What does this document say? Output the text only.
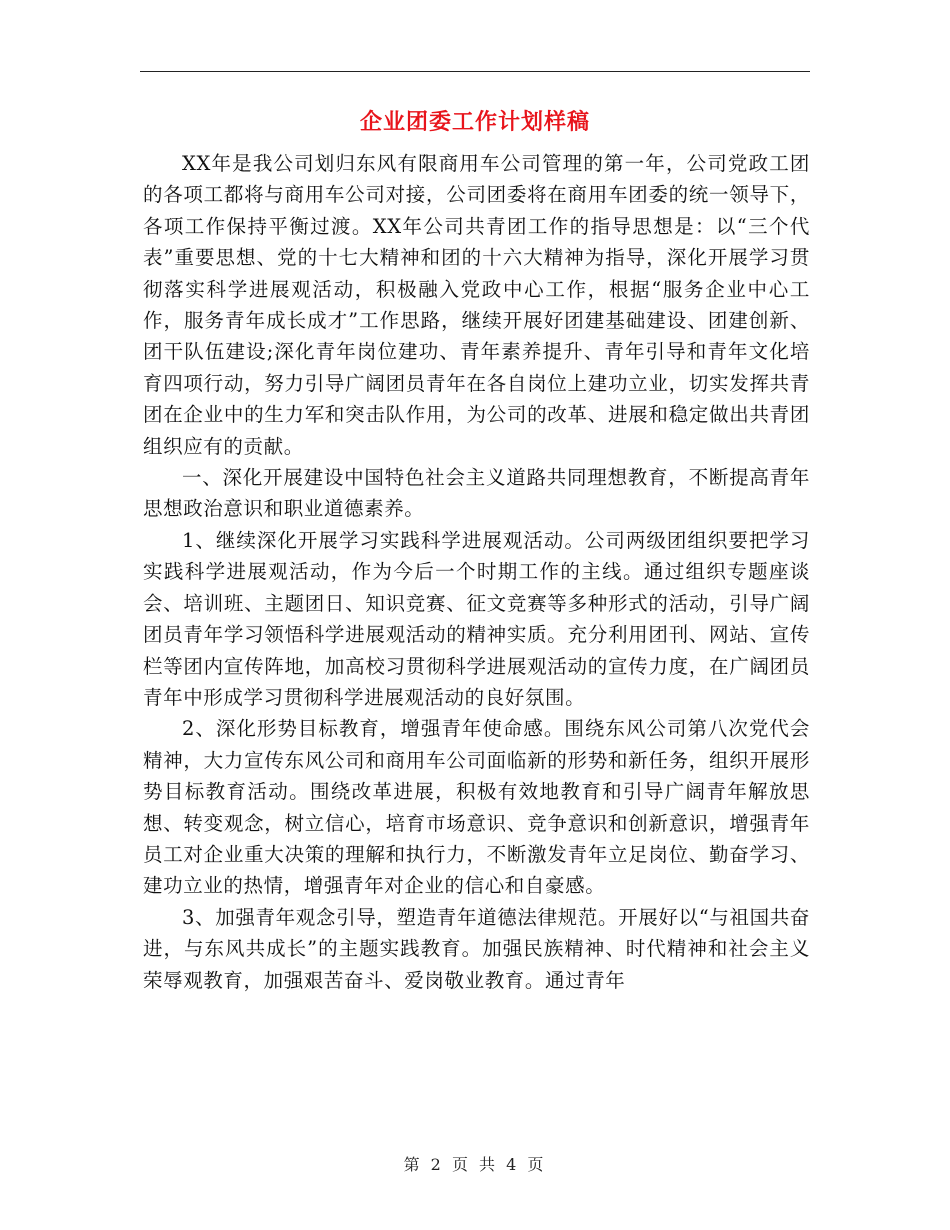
企业团委工作计划样稿

XX年是我公司划归东风有限商用车公司管理的第一年，公司党政工团的各项工都将与商用车公司对接，公司团委将在商用车团委的统一领导下，各项工作保持平衡过渡。XX年公司共青团工作的指导思想是：以“三个代表”重要思想、党的十七大精神和团的十六大精神为指导，深化开展学习贯彻落实科学进展观活动，积极融入党政中心工作，根据“服务企业中心工作，服务青年成长成才”工作思路，继续开展好团建基础建设、团建创新、团干队伍建设;深化青年岗位建功、青年素养提升、青年引导和青年文化培育四项行动，努力引导广阔团员青年在各自岗位上建功立业，切实发挥共青团在企业中的生力军和突击队作用，为公司的改革、进展和稳定做出共青团组织应有的贡献。

一、深化开展建设中国特色社会主义道路共同理想教育，不断提高青年思想政治意识和职业道德素养。

1、继续深化开展学习实践科学进展观活动。公司两级团组织要把学习实践科学进展观活动，作为今后一个时期工作的主线。通过组织专题座谈会、培训班、主题团日、知识竞赛、征文竞赛等多种形式的活动，引导广阔团员青年学习领悟科学进展观活动的精神实质。充分利用团刊、网站、宣传栏等团内宣传阵地，加高校习贯彻科学进展观活动的宣传力度，在广阔团员青年中形成学习贯彻科学进展观活动的良好氛围。

2、深化形势目标教育，增强青年使命感。围绕东风公司第八次党代会精神，大力宣传东风公司和商用车公司面临新的形势和新任务，组织开展形势目标教育活动。围绕改革进展，积极有效地教育和引导广阔青年解放思想、转变观念，树立信心，培育市场意识、竞争意识和创新意识，增强青年员工对企业重大决策的理解和执行力，不断激发青年立足岗位、勤奋学习、建功立业的热情，增强青年对企业的信心和自豪感。

3、加强青年观念引导，塑造青年道德法律规范。开展好以“与祖国共奋进，与东风共成长”的主题实践教育。加强民族精神、时代精神和社会主义荣辱观教育，加强艰苦奋斗、爱岗敬业教育。通过青年

第 2 页 共 4 页
